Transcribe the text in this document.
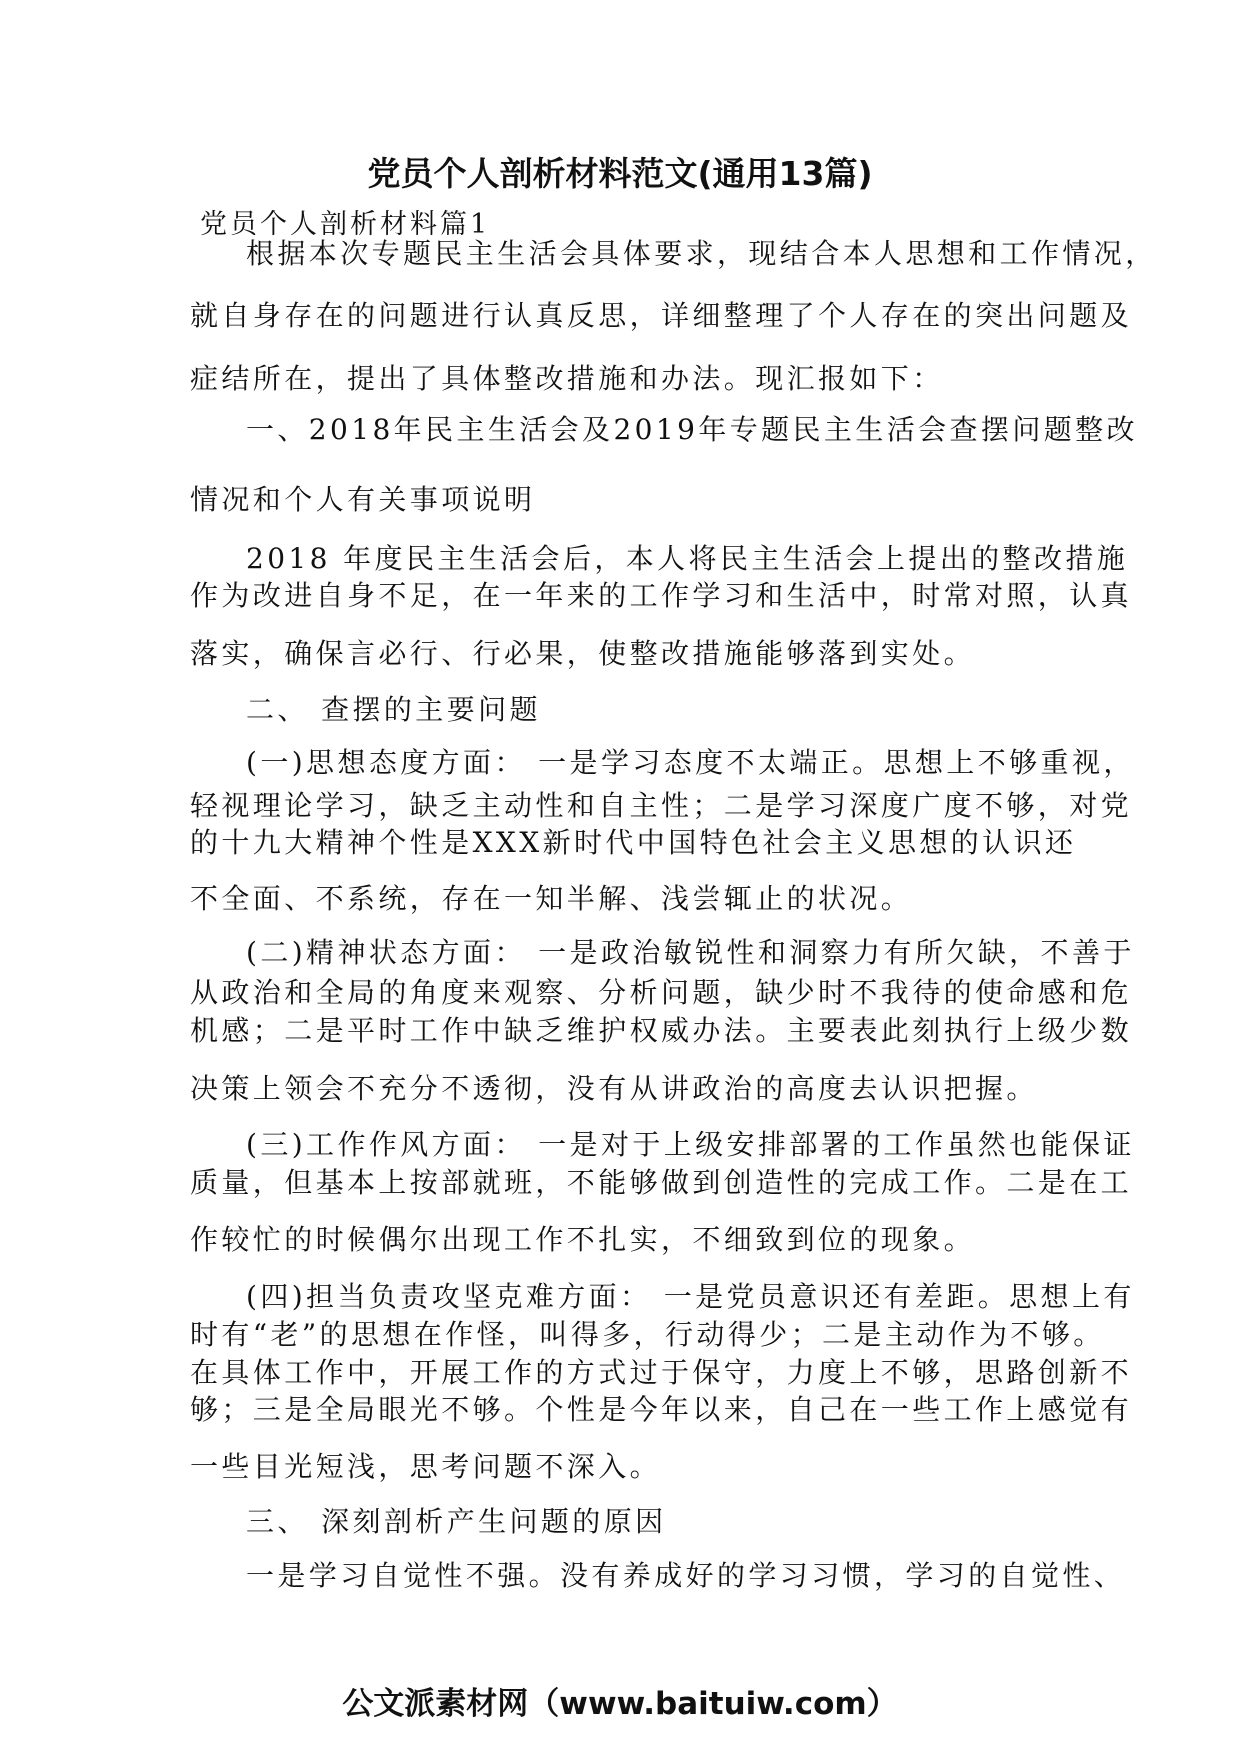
党员个人剖析材料范文(通用13篇)
党员个人剖析材料篇1
根据本次专题民主生活会具体要求，现结合本人思想和工作情况，
就自身存在的问题进行认真反思，详细整理了个人存在的突出问题及
症结所在，提出了具体整改措施和办法。现汇报如下：
一、2018年民主生活会及2019年专题民主生活会查摆问题整改
情况和个人有关事项说明
2018 年度民主生活会后，本人将民主生活会上提出的整改措施
作为改进自身不足，在一年来的工作学习和生活中，时常对照，认真
落实，确保言必行、行必果，使整改措施能够落到实处。
二、 查摆的主要问题
(一)思想态度方面： 一是学习态度不太端正。思想上不够重视，
轻视理论学习，缺乏主动性和自主性；二是学习深度广度不够，对党
的十九大精神个性是XXX新时代中国特色社会主义思想的认识还
不全面、不系统，存在一知半解、浅尝辄止的状况。
(二)精神状态方面： 一是政治敏锐性和洞察力有所欠缺，不善于
从政治和全局的角度来观察、分析问题，缺少时不我待的使命感和危
机感；二是平时工作中缺乏维护权威办法。主要表此刻执行上级少数
决策上领会不充分不透彻，没有从讲政治的高度去认识把握。
(三)工作作风方面： 一是对于上级安排部署的工作虽然也能保证
质量，但基本上按部就班，不能够做到创造性的完成工作。二是在工
作较忙的时候偶尔出现工作不扎实，不细致到位的现象。
(四)担当负责攻坚克难方面： 一是党员意识还有差距。思想上有
时有“老”的思想在作怪，叫得多，行动得少；二是主动作为不够。
在具体工作中，开展工作的方式过于保守，力度上不够，思路创新不
够；三是全局眼光不够。个性是今年以来，自己在一些工作上感觉有
一些目光短浅，思考问题不深入。
三、 深刻剖析产生问题的原因
一是学习自觉性不强。没有养成好的学习习惯，学习的自觉性、
公文派素材网（www.baituiw.com）
